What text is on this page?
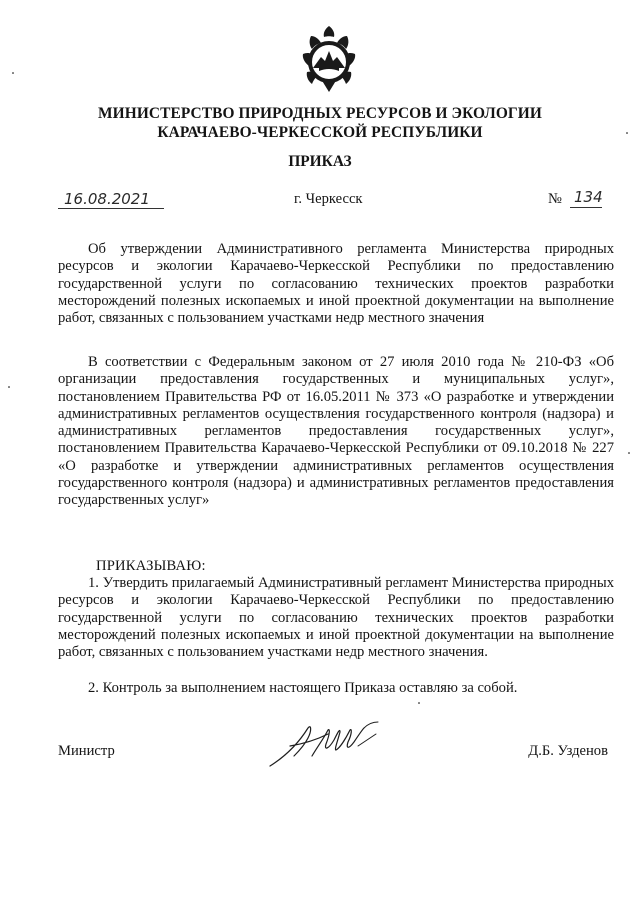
МИНИСТЕРСТВО ПРИРОДНЫХ РЕСУРСОВ И ЭКОЛОГИИ
КАРАЧАЕВО-ЧЕРКЕССКОЙ РЕСПУБЛИКИ
ПРИКАЗ
16.08.2021	г. Черкесск	№ 134

Об утверждении Административного регламента Министерства природных ресурсов и экологии Карачаево-Черкесской Республики по предоставлению государственной услуги по согласованию технических проектов разработки месторождений полезных ископаемых и иной проектной документации на выполнение работ, связанных с пользованием участками недр местного значения

В соответствии с Федеральным законом от 27 июля 2010 года № 210-ФЗ «Об организации предоставления государственных и муниципальных услуг», постановлением Правительства РФ от 16.05.2011 № 373 «О разработке и утверждении административных регламентов осуществления государственного контроля (надзора) и административных регламентов предоставления государственных услуг», постановлением Правительства Карачаево-Черкесской Республики от 09.10.2018 № 227 «О разработке и утверждении административных регламентов осуществления государственного контроля (надзора) и административных регламентов предоставления государственных услуг»

ПРИКАЗЫВАЮ:

1. Утвердить прилагаемый Административный регламент Министерства природных ресурсов и экологии Карачаево-Черкесской Республики по предоставлению государственной услуги по согласованию технических проектов разработки месторождений полезных ископаемых и иной проектной документации на выполнение работ, связанных с пользованием участками недр местного значения.

2. Контроль за выполнением настоящего Приказа оставляю за собой.

Министр	Д.Б. Узденов
